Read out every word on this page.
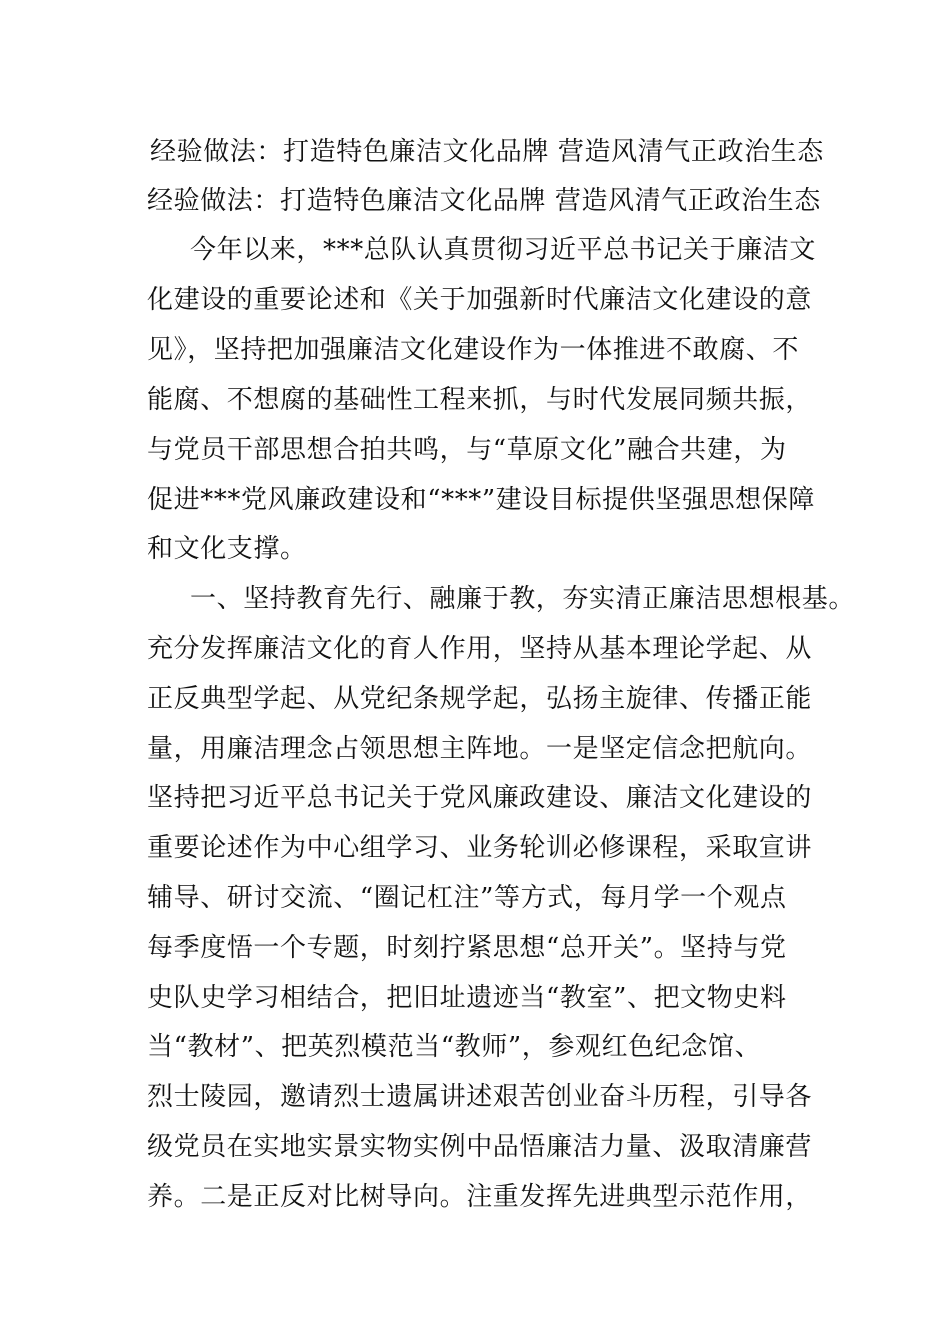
经验做法：打造特色廉洁文化品牌 营造风清气正政治生态
经验做法：打造特色廉洁文化品牌 营造风清气正政治生态
今年以来，***总队认真贯彻习近平总书记关于廉洁文
化建设的重要论述和《关于加强新时代廉洁文化建设的意
见》，坚持把加强廉洁文化建设作为一体推进不敢腐、不
能腐、不想腐的基础性工程来抓，与时代发展同频共振，
与党员干部思想合拍共鸣，与“草原文化”融合共建，为
促进***党风廉政建设和“***”建设目标提供坚强思想保障
和文化支撑。
一、坚持教育先行、融廉于教，夯实清正廉洁思想根基。
充分发挥廉洁文化的育人作用，坚持从基本理论学起、从
正反典型学起、从党纪条规学起，弘扬主旋律、传播正能
量，用廉洁理念占领思想主阵地。一是坚定信念把航向。
坚持把习近平总书记关于党风廉政建设、廉洁文化建设的
重要论述作为中心组学习、业务轮训必修课程，采取宣讲
辅导、研讨交流、“圈记杠注”等方式，每月学一个观点
每季度悟一个专题，时刻拧紧思想“总开关”。坚持与党
史队史学习相结合，把旧址遗迹当“教室”、把文物史料
当“教材”、把英烈模范当“教师”，参观红色纪念馆、
烈士陵园，邀请烈士遗属讲述艰苦创业奋斗历程，引导各
级党员在实地实景实物实例中品悟廉洁力量、汲取清廉营
养。二是正反对比树导向。注重发挥先进典型示范作用，
